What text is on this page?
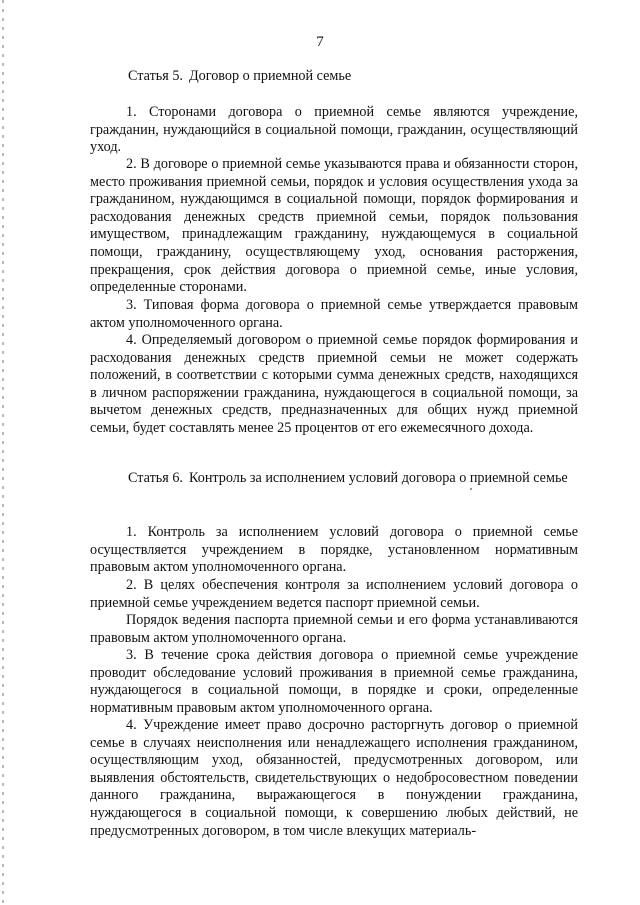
7
Статья 5. Договор о приемной семье

1. Сторонами договора о приемной семье являются учреждение, гражданин, нуждающийся в социальной помощи, гражданин, осуществляющий уход.

2. В договоре о приемной семье указываются права и обязанности сторон, место проживания приемной семьи, порядок и условия осуществления ухода за гражданином, нуждающимся в социальной помощи, порядок формирования и расходования денежных средств приемной семьи, порядок пользования имуществом, принадлежащим гражданину, нуждающемуся в социальной помощи, гражданину, осуществляющему уход, основания расторжения, прекращения, срок действия договора о приемной семье, иные условия, определенные сторонами.

3. Типовая форма договора о приемной семье утверждается правовым актом уполномоченного органа.

4. Определяемый договором о приемной семье порядок формирования и расходования денежных средств приемной семьи не может содержать положений, в соответствии с которыми сумма денежных средств, находящихся в личном распоряжении гражданина, нуждающегося в социальной помощи, за вычетом денежных средств, предназначенных для общих нужд приемной семьи, будет составлять менее 25 процентов от его ежемесячного дохода.

Статья 6. Контроль за исполнением условий договора о приемной семье

1. Контроль за исполнением условий договора о приемной семье осуществляется учреждением в порядке, установленном нормативным правовым актом уполномоченного органа.

2. В целях обеспечения контроля за исполнением условий договора о приемной семье учреждением ведется паспорт приемной семьи.

Порядок ведения паспорта приемной семьи и его форма устанавливаются правовым актом уполномоченного органа.

3. В течение срока действия договора о приемной семье учреждение проводит обследование условий проживания в приемной семье гражданина, нуждающегося в социальной помощи, в порядке и сроки, определенные нормативным правовым актом уполномоченного органа.

4. Учреждение имеет право досрочно расторгнуть договор о приемной семье в случаях неисполнения или ненадлежащего исполнения гражданином, осуществляющим уход, обязанностей, предусмотренных договором, или выявления обстоятельств, свидетельствующих о недобросовестном поведении данного гражданина, выражающегося в понуждении гражданина, нуждающегося в социальной помощи, к совершению любых действий, не предусмотренных договором, в том числе влекущих материаль-
